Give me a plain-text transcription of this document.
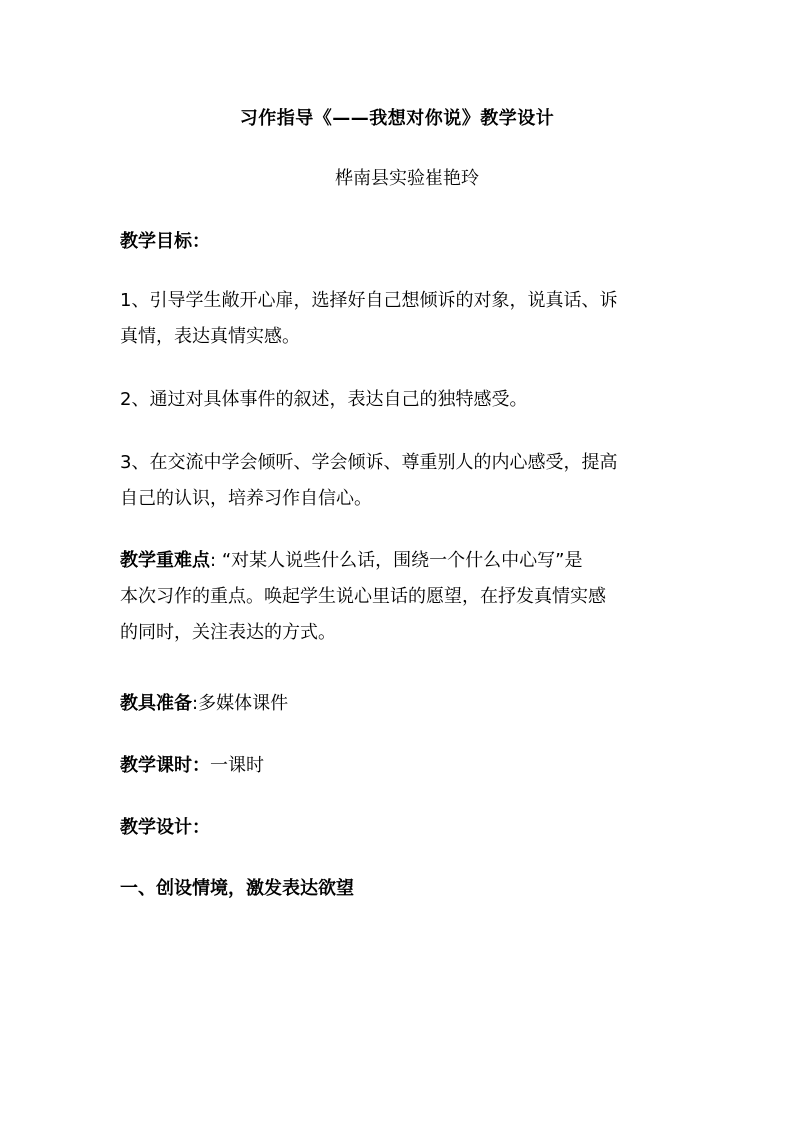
习作指导《——我想对你说》教学设计
桦南县实验崔艳玲
教学目标：
1、引导学生敞开心扉，选择好自己想倾诉的对象，说真话、诉
真情，表达真情实感。
2、通过对具体事件的叙述，表达自己的独特感受。
3、在交流中学会倾听、学会倾诉、尊重别人的内心感受，提高
自己的认识，培养习作自信心。
教学重难点: “对某人说些什么话，围绕一个什么中心写”是
本次习作的重点。唤起学生说心里话的愿望，在抒发真情实感
的同时，关注表达的方式。
教具准备:多媒体课件
教学课时：一课时
教学设计：
一、创设情境，激发表达欲望
